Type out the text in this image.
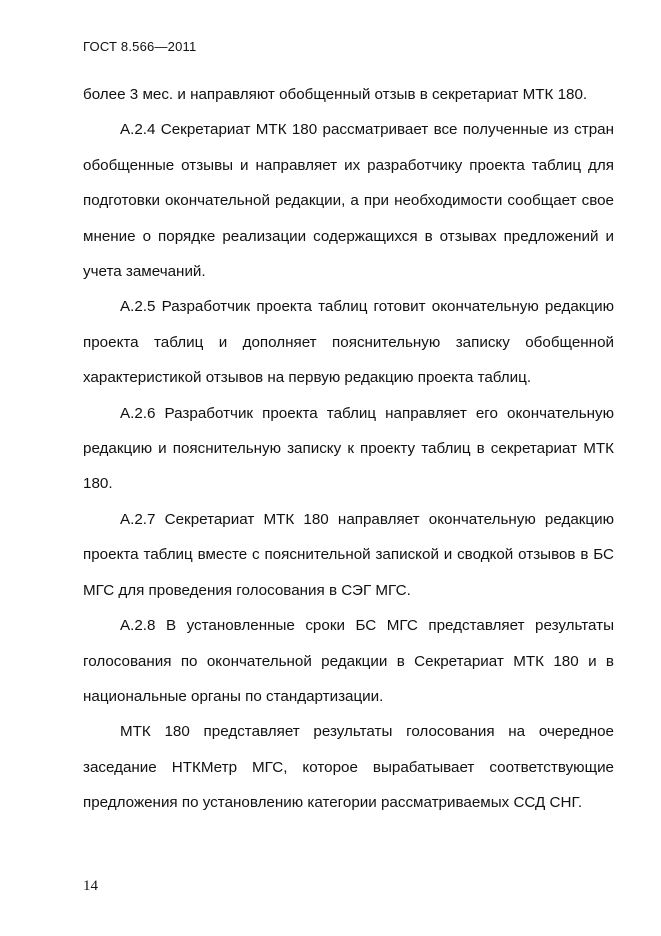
ГОСТ 8.566—2011

более 3 мес. и направляют обобщенный отзыв в секретариат МТК 180.

А.2.4 Секретариат МТК 180 рассматривает все полученные из стран обобщенные отзывы и направляет их разработчику проекта таблиц для подготовки окончательной редакции, а при необходимости сообщает свое мнение о порядке реализации содержащихся в отзывах предложений и учета замечаний.

А.2.5 Разработчик проекта таблиц готовит окончательную редакцию проекта таблиц и дополняет пояснительную записку обобщенной характеристикой отзывов на первую редакцию проекта таблиц.

А.2.6 Разработчик проекта таблиц направляет его окончательную редакцию и пояснительную записку к проекту таблиц в секретариат МТК 180.

А.2.7 Секретариат МТК 180 направляет окончательную редакцию проекта таблиц вместе с пояснительной запиской и сводкой отзывов в БС МГС для проведения голосования в СЭГ МГС.

А.2.8 В установленные сроки БС МГС представляет результаты голосования по окончательной редакции в Секретариат МТК 180 и в национальные органы по стандартизации.

МТК 180 представляет результаты голосования на очередное заседание НТКМетр МГС, которое вырабатывает соответствующие предложения по установлению категории рассматриваемых ССД СНГ.

14
